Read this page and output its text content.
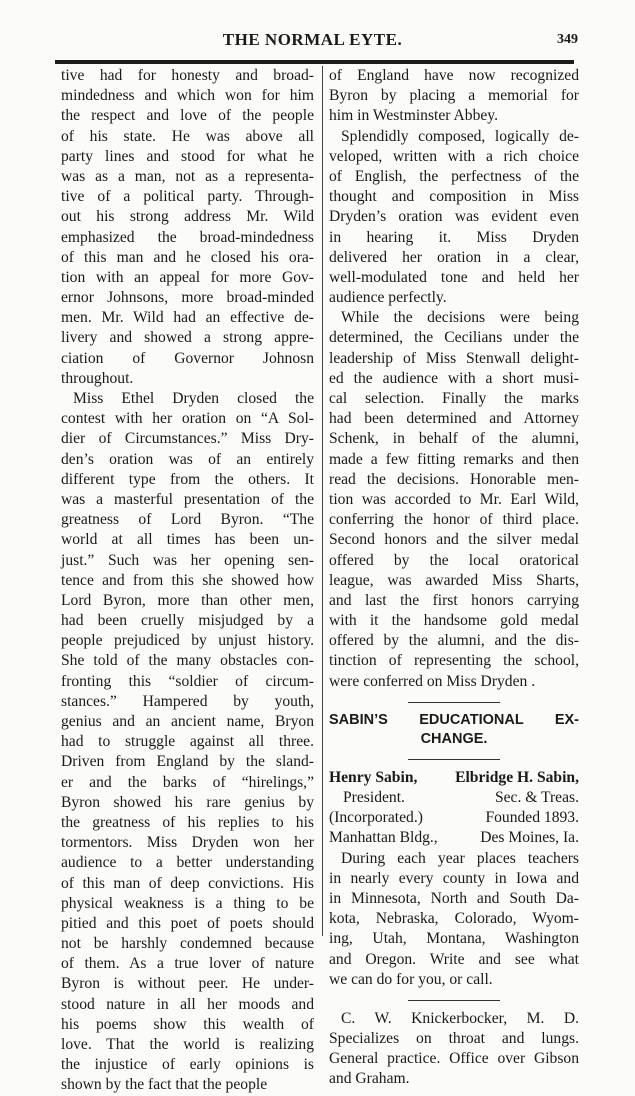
THE NORMAL EYTE.	349
tive had for honesty and broad-
mindedness and which won for him
the respect and love of the people
of his state. He was above all
party lines and stood for what he
was as a man, not as a representa-
tive of a political party. Through-
out his strong address Mr. Wild
emphasized the broad-mindedness
of this man and he closed his ora-
tion with an appeal for more Gov-
ernor Johnsons, more broad-minded
men. Mr. Wild had an effective de-
livery and showed a strong appre-
ciation of Governor Johnosn
throughout.
Miss Ethel Dryden closed the
contest with her oration on “A Sol-
dier of Circumstances.” Miss Dry-
den’s oration was of an entirely
different type from the others. It
was a masterful presentation of the
greatness of Lord Byron. “The
world at all times has been un-
just.” Such was her opening sen-
tence and from this she showed how
Lord Byron, more than other men,
had been cruelly misjudged by a
people prejudiced by unjust history.
She told of the many obstacles con-
fronting this “soldier of circum-
stances.” Hampered by youth,
genius and an ancient name, Bryon
had to struggle against all three.
Driven from England by the sland-
er and the barks of “hirelings,”
Byron showed his rare genius by
the greatness of his replies to his
tormentors. Miss Dryden won her
audience to a better understanding
of this man of deep convictions. His
physical weakness is a thing to be
pitied and this poet of poets should
not be harshly condemned because
of them. As a true lover of nature
Byron is without peer. He under-
stood nature in all her moods and
his poems show this wealth of
love. That the world is realizing
the injustice of early opinions is
shown by the fact that the people
of England have now recognized
Byron by placing a memorial for
him in Westminster Abbey.
Splendidly composed, logically de-
veloped, written with a rich choice
of English, the perfectness of the
thought and composition in Miss
Dryden’s oration was evident even
in hearing it. Miss Dryden
delivered her oration in a clear,
well-modulated tone and held her
audience perfectly.
While the decisions were being
determined, the Cecilians under the
leadership of Miss Stenwall delight-
ed the audience with a short musi-
cal selection. Finally the marks
had been determined and Attorney
Schenk, in behalf of the alumni,
made a few fitting remarks and then
read the decisions. Honorable men-
tion was accorded to Mr. Earl Wild,
conferring the honor of third place.
Second honors and the silver medal
offered by the local oratorical
league, was awarded Miss Sharts,
and last the first honors carrying
with it the handsome gold medal
offered by the alumni, and the dis-
tinction of representing the school,
were conferred on Miss Dryden .
SABIN’S EDUCATIONAL EX-
CHANGE.
Henry Sabin, Elbridge H. Sabin,
President.	Sec. & Treas.
(Incorporated.)	Founded 1893.
Manhattan Bldg.,	Des Moines, Ia.
During each year places teachers
in nearly every county in Iowa and
in Minnesota, North and South Da-
kota, Nebraska, Colorado, Wyom-
ing, Utah, Montana, Washington
and Oregon. Write and see what
we can do for you, or call.
C. W. Knickerbocker, M. D.
Specializes on throat and lungs.
General practice. Office over Gibson
and Graham.
